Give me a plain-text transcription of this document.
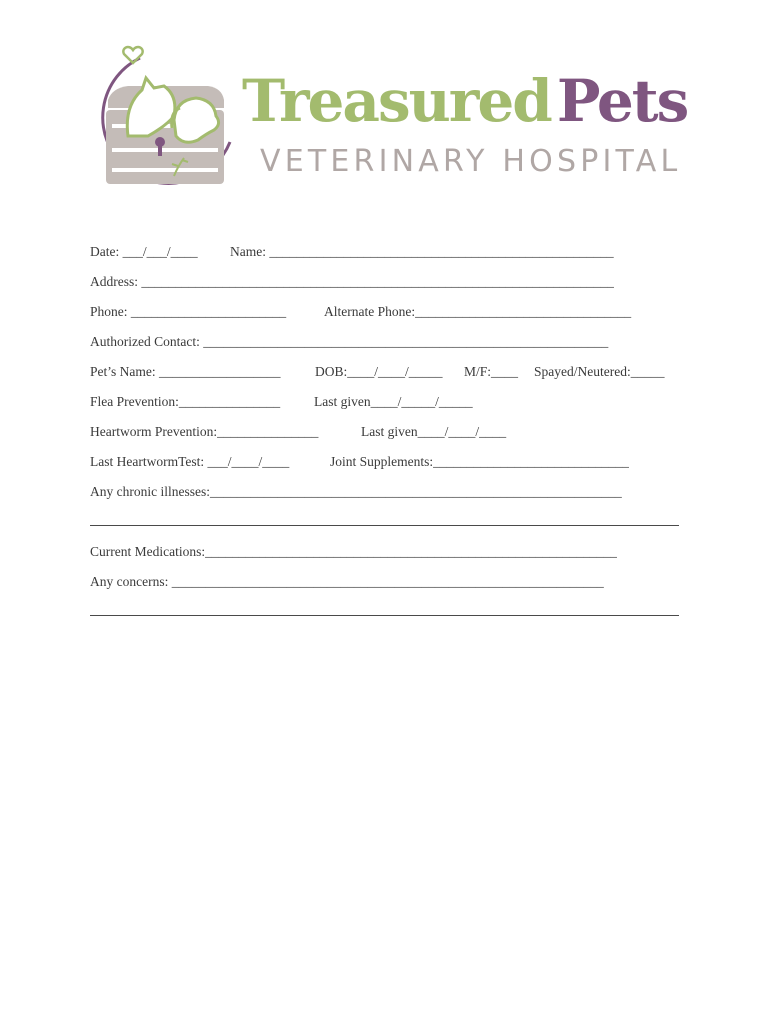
Treasured Pets
VETERINARY HOSPITAL
Date: ___/___/____ Name: ___________________________________________________
Address: ______________________________________________________________________
Phone: _______________________	Alternate Phone:________________________________
Authorized Contact: ____________________________________________________________
Pet’s Name: __________________	DOB:____/____/_____ M/F:____ Spayed/Neutered:_____
Flea Prevention:_______________	Last given____/_____/_____
Heartworm Prevention:_______________	Last given____/____/____
Last HeartwormTest: ___/____/____	Joint Supplements:_____________________________
Any chronic illnesses:_____________________________________________________________
Current Medications:_____________________________________________________________
Any concerns: ________________________________________________________________
